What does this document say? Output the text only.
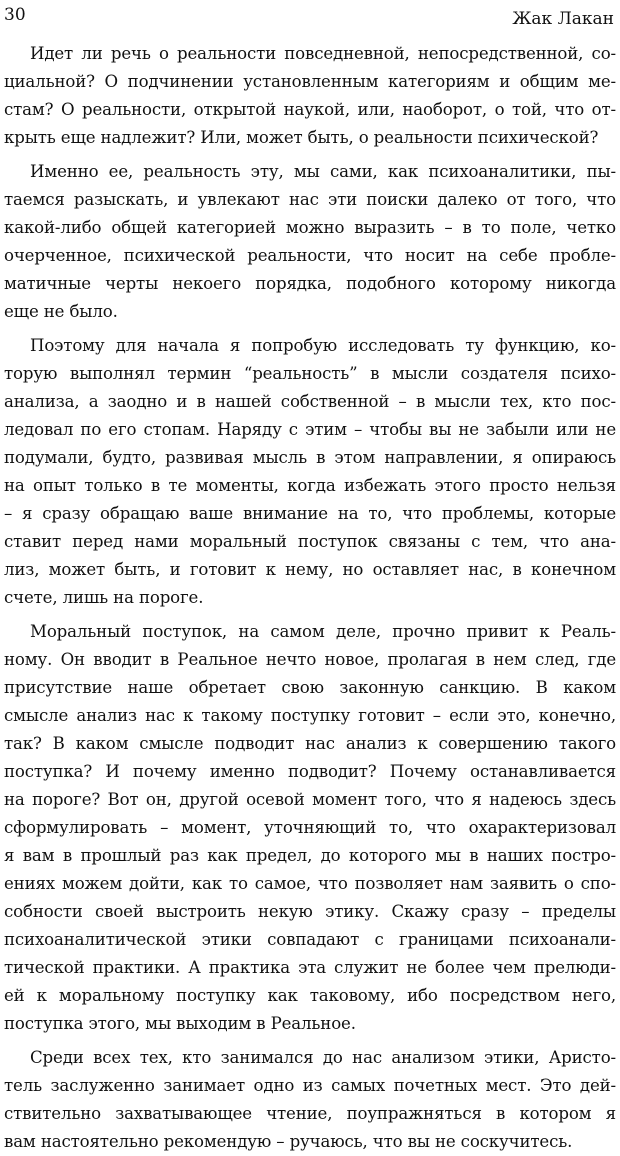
30	Жак Лакан

Идет ли речь о реальности повседневной, непосредственной, со-
циальной? О подчинении установленным категориям и общим ме-
стам? О реальности, открытой наукой, или, наоборот, о той, что от-
крыть еще надлежит? Или, может быть, о реальности психической?

Именно ее, реальность эту, мы сами, как психоаналитики, пы-
таемся разыскать, и увлекают нас эти поиски далеко от того, что
какой-либо общей категорией можно выразить – в то поле, четко
очерченное, психической реальности, что носит на себе пробле-
матичные черты некоего порядка, подобного которому никогда
еще не было.

Поэтому для начала я попробую исследовать ту функцию, ко-
торую выполнял термин “реальность” в мысли создателя психо-
анализа, а заодно и в нашей собственной – в мысли тех, кто пос-
ледовал по его стопам. Наряду с этим – чтобы вы не забыли или не
подумали, будто, развивая мысль в этом направлении, я опираюсь
на опыт только в те моменты, когда избежать этого просто нельзя
– я сразу обращаю ваше внимание на то, что проблемы, которые
ставит перед нами моральный поступок связаны с тем, что ана-
лиз, может быть, и готовит к нему, но оставляет нас, в конечном
счете, лишь на пороге.

Моральный поступок, на самом деле, прочно привит к Реаль-
ному. Он вводит в Реальное нечто новое, пролагая в нем след, где
присутствие наше обретает свою законную санкцию. В каком
смысле анализ нас к такому поступку готовит – если это, конечно,
так? В каком смысле подводит нас анализ к совершению такого
поступка? И почему именно подводит? Почему останавливается
на пороге? Вот он, другой осевой момент того, что я надеюсь здесь
сформулировать – момент, уточняющий то, что охарактеризовал
я вам в прошлый раз как предел, до которого мы в наших постро-
ениях можем дойти, как то самое, что позволяет нам заявить о спо-
собности своей выстроить некую этику. Скажу сразу – пределы
психоаналитической этики совпадают с границами психоанали-
тической практики. А практика эта служит не более чем прелюди-
ей к моральному поступку как таковому, ибо посредством него,
поступка этого, мы выходим в Реальное.

Среди всех тех, кто занимался до нас анализом этики, Аристо-
тель заслуженно занимает одно из самых почетных мест. Это дей-
ствительно захватывающее чтение, поупражняться в котором я
вам настоятельно рекомендую – ручаюсь, что вы не соскучитесь.
